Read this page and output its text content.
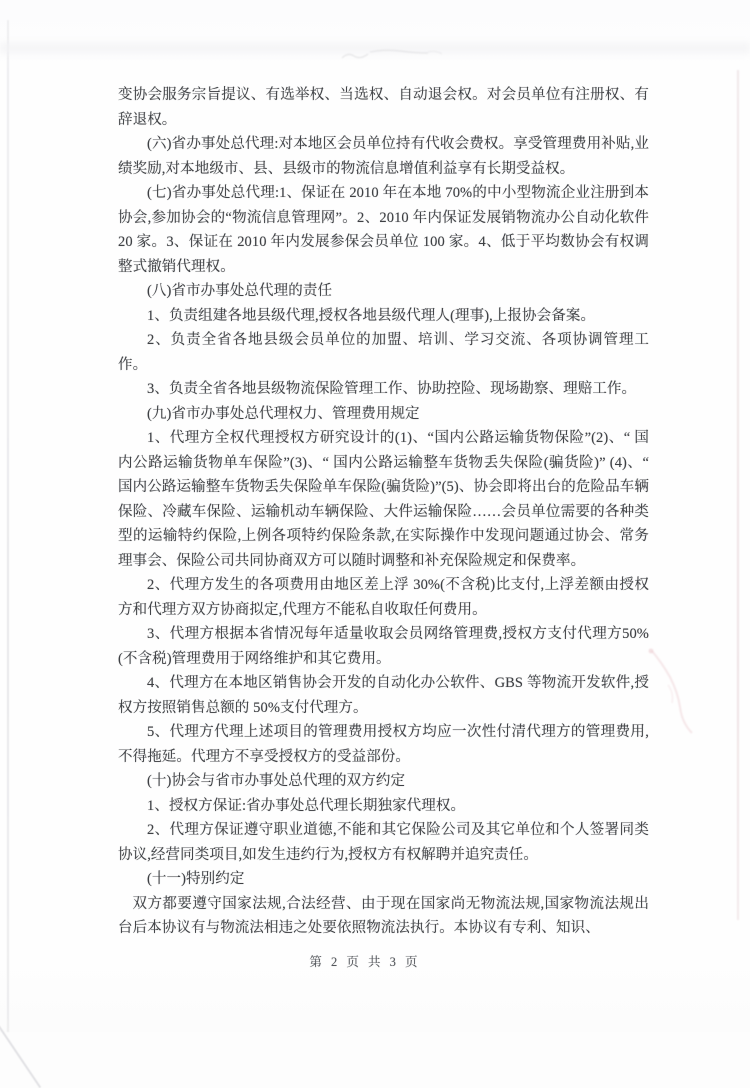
变协会服务宗旨提议、有选举权、当选权、自动退会权。对会员单位有注册权、有辞退权。

(六)省办事处总代理:对本地区会员单位持有代收会费权。享受管理费用补贴,业绩奖励,对本地级市、县、县级市的物流信息增值利益享有长期受益权。

(七)省办事处总代理:1、保证在 2010 年在本地 70%的中小型物流企业注册到本协会,参加协会的“物流信息管理网”。2、2010 年内保证发展销物流办公自动化软件 20 家。3、保证在 2010 年内发展参保会员单位 100 家。4、低于平均数协会有权调整式撤销代理权。

(八)省市办事处总代理的责任

1、负责组建各地县级代理,授权各地县级代理人(理事),上报协会备案。

2、负责全省各地县级会员单位的加盟、培训、学习交流、各项协调管理工作。

3、负责全省各地县级物流保险管理工作、协助控险、现场勘察、理赔工作。

(九)省市办事处总代理权力、管理费用规定

1、代理方全权代理授权方研究设计的(1)、“国内公路运输货物保险”(2)、“ 国内公路运输货物单车保险”(3)、“ 国内公路运输整车货物丢失保险(骗货险)” (4)、“ 国内公路运输整车货物丢失保险单车保险(骗货险)”(5)、协会即将出台的危险品车辆保险、冷藏车保险、运输机动车辆保险、大件运输保险……会员单位需要的各种类型的运输特约保险,上例各项特约保险条款,在实际操作中发现问题通过协会、常务理事会、保险公司共同协商双方可以随时调整和补充保险规定和保费率。

2、代理方发生的各项费用由地区差上浮 30%(不含税)比支付,上浮差额由授权方和代理方双方协商拟定,代理方不能私自收取任何费用。

3、代理方根据本省情况每年适量收取会员网络管理费,授权方支付代理方50%(不含税)管理费用于网络维护和其它费用。

4、代理方在本地区销售协会开发的自动化办公软件、GBS 等物流开发软件,授权方按照销售总额的 50%支付代理方。

5、代理方代理上述项目的管理费用授权方均应一次性付清代理方的管理费用,不得拖延。代理方不享受授权方的受益部份。

(十)协会与省市办事处总代理的双方约定

1、授权方保证:省办事处总代理长期独家代理权。

2、代理方保证遵守职业道德,不能和其它保险公司及其它单位和个人签署同类协议,经营同类项目,如发生违约行为,授权方有权解聘并追究责任。

(十一)特别约定

双方都要遵守国家法规,合法经营、由于现在国家尚无物流法规,国家物流法规出台后本协议有与物流法相违之处要依照物流法执行。本协议有专利、知识、

第 2 页 共 3 页
